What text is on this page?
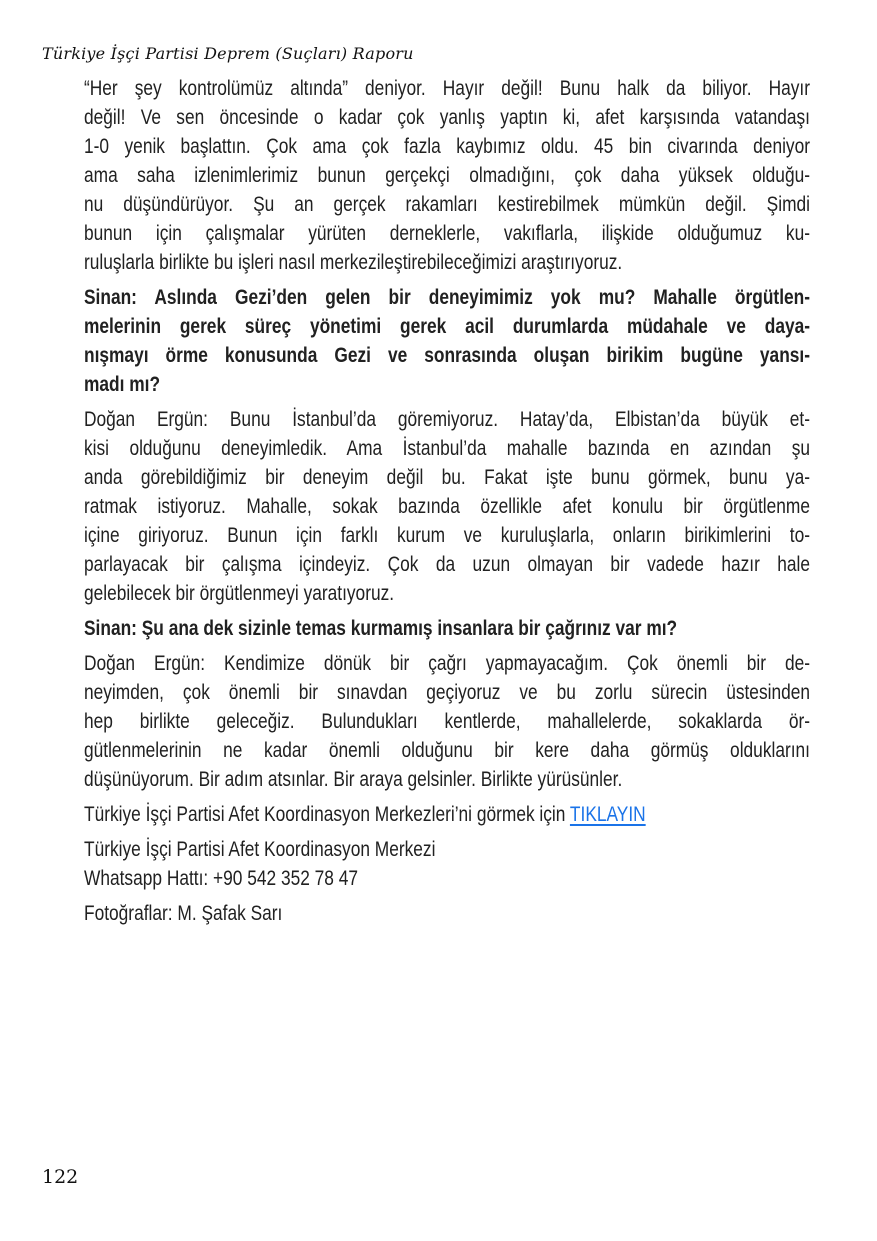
Türkiye İşçi Partisi Deprem (Suçları) Raporu
“Her şey kontrolümüz altında” deniyor. Hayır değil! Bunu halk da biliyor. Hayır
değil! Ve sen öncesinde o kadar çok yanlış yaptın ki, afet karşısında vatandaşı
1-0 yenik başlattın. Çok ama çok fazla kaybımız oldu. 45 bin civarında deniyor
ama saha izlenimlerimiz bunun gerçekçi olmadığını, çok daha yüksek olduğu-
nu düşündürüyor. Şu an gerçek rakamları kestirebilmek mümkün değil. Şimdi
bunun için çalışmalar yürüten derneklerle, vakıflarla, ilişkide olduğumuz ku-
ruluşlarla birlikte bu işleri nasıl merkezileştirebileceğimizi araştırıyoruz.
Sinan: Aslında Gezi’den gelen bir deneyimimiz yok mu? Mahalle örgütlen-
melerinin gerek süreç yönetimi gerek acil durumlarda müdahale ve daya-
nışmayı örme konusunda Gezi ve sonrasında oluşan birikim bugüne yansı-
madı mı?
Doğan Ergün: Bunu İstanbul’da göremiyoruz. Hatay’da, Elbistan’da büyük et-
kisi olduğunu deneyimledik. Ama İstanbul’da mahalle bazında en azından şu
anda görebildiğimiz bir deneyim değil bu. Fakat işte bunu görmek, bunu ya-
ratmak istiyoruz. Mahalle, sokak bazında özellikle afet konulu bir örgütlenme
içine giriyoruz. Bunun için farklı kurum ve kuruluşlarla, onların birikimlerini to-
parlayacak bir çalışma içindeyiz. Çok da uzun olmayan bir vadede hazır hale
gelebilecek bir örgütlenmeyi yaratıyoruz.
Sinan: Şu ana dek sizinle temas kurmamış insanlara bir çağrınız var mı?
Doğan Ergün: Kendimize dönük bir çağrı yapmayacağım. Çok önemli bir de-
neyimden, çok önemli bir sınavdan geçiyoruz ve bu zorlu sürecin üstesinden
hep birlikte geleceğiz. Bulundukları kentlerde, mahallelerde, sokaklarda ör-
gütlenmelerinin ne kadar önemli olduğunu bir kere daha görmüş olduklarını
düşünüyorum. Bir adım atsınlar. Bir araya gelsinler. Birlikte yürüsünler.

Türkiye İşçi Partisi Afet Koordinasyon Merkezleri’ni görmek için TIKLAYIN

Türkiye İşçi Partisi Afet Koordinasyon Merkezi
Whatsapp Hattı: +90 542 352 78 47
Fotoğraflar: M. Şafak Sarı
122
